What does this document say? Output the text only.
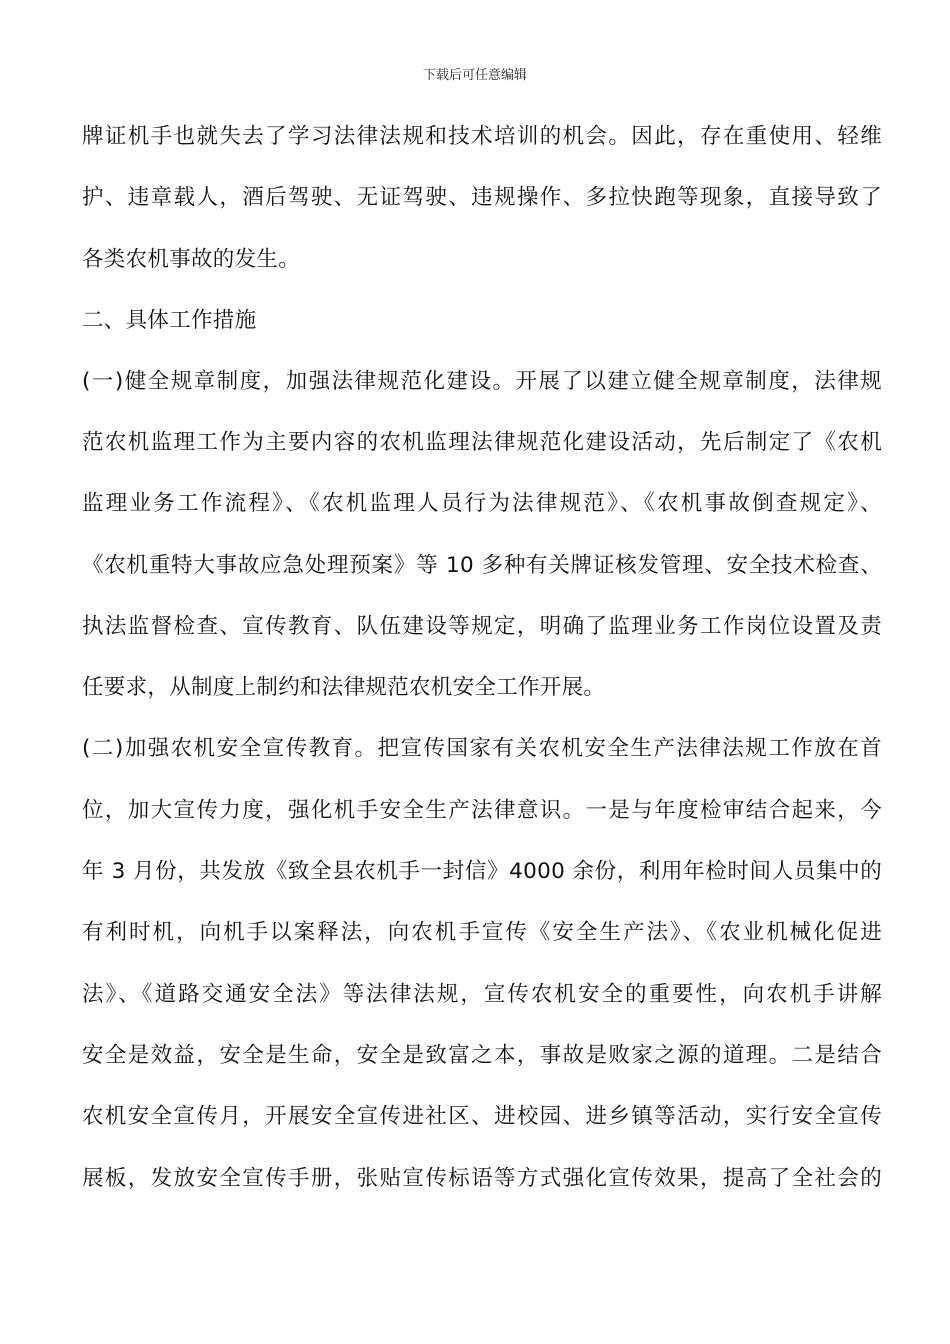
下载后可任意编辑
牌证机手也就失去了学习法律法规和技术培训的机会。因此，存在重使用、轻维
护、违章载人，酒后驾驶、无证驾驶、违规操作、多拉快跑等现象，直接导致了
各类农机事故的发生。
二、具体工作措施
(一)健全规章制度，加强法律规范化建设。开展了以建立健全规章制度，法律规
范农机监理工作为主要内容的农机监理法律规范化建设活动，先后制定了《农机
监理业务工作流程》、《农机监理人员行为法律规范》、《农机事故倒查规定》、
《农机重特大事故应急处理预案》等 10 多种有关牌证核发管理、安全技术检查、
执法监督检查、宣传教育、队伍建设等规定，明确了监理业务工作岗位设置及责
任要求，从制度上制约和法律规范农机安全工作开展。
(二)加强农机安全宣传教育。把宣传国家有关农机安全生产法律法规工作放在首
位，加大宣传力度，强化机手安全生产法律意识。一是与年度检审结合起来，今
年 3 月份，共发放《致全县农机手一封信》4000 余份，利用年检时间人员集中的
有利时机，向机手以案释法，向农机手宣传《安全生产法》、《农业机械化促进
法》、《道路交通安全法》等法律法规，宣传农机安全的重要性，向农机手讲解
安全是效益，安全是生命，安全是致富之本，事故是败家之源的道理。二是结合
农机安全宣传月，开展安全宣传进社区、进校园、进乡镇等活动，实行安全宣传
展板，发放安全宣传手册，张贴宣传标语等方式强化宣传效果，提高了全社会的
